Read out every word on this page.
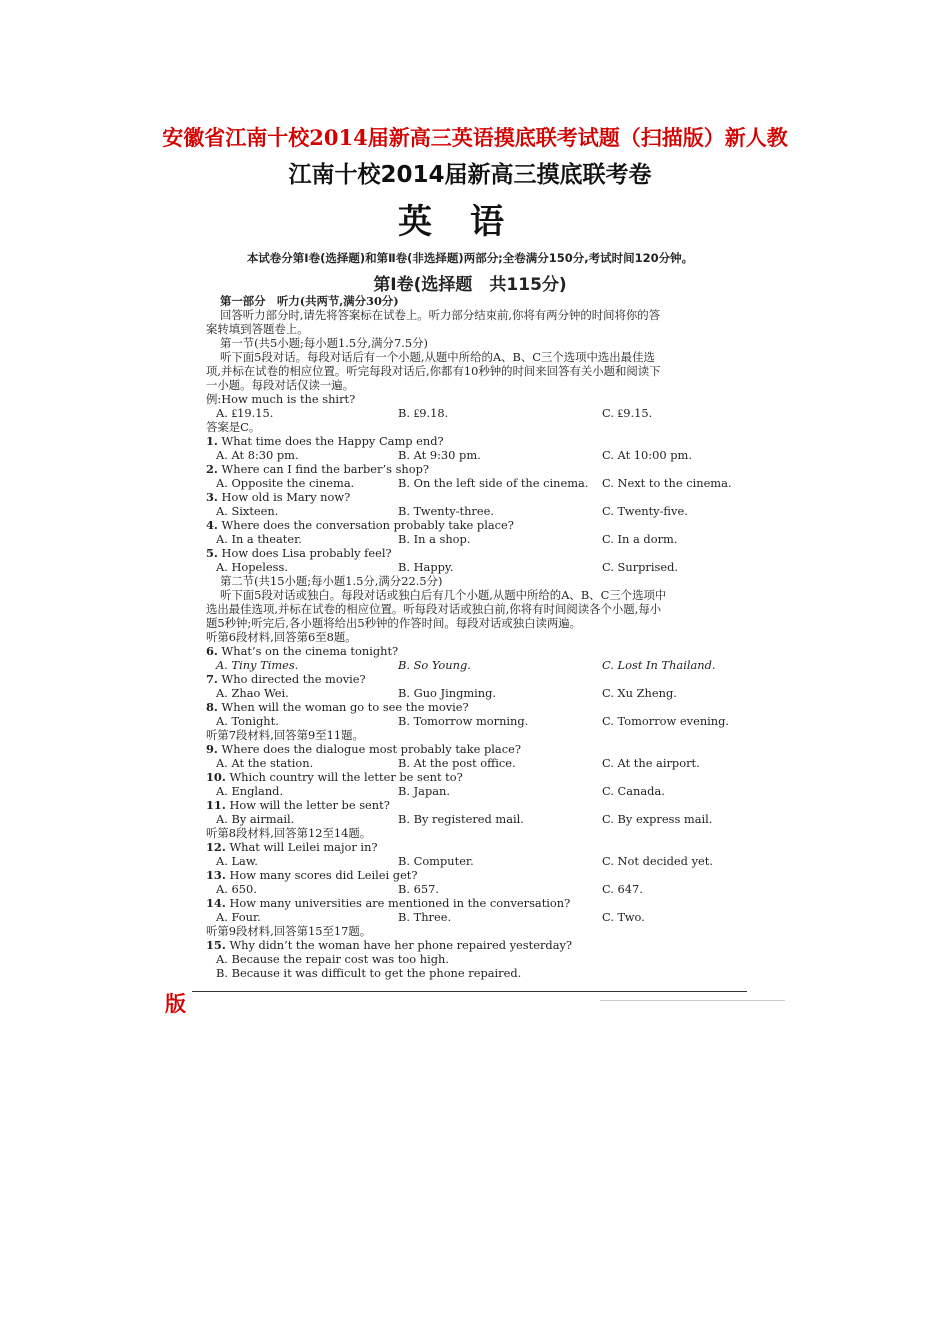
安徽省江南十校2014届新高三英语摸底联考试题（扫描版）新人教
江南十校2014届新高三摸底联考卷
英语
本试卷分第Ⅰ卷(选择题)和第Ⅱ卷(非选择题)两部分;全卷满分150分,考试时间120分钟。
第Ⅰ卷(选择题　共115分)
第一部分　听力(共两节,满分30分)
回答听力部分时,请先将答案标在试卷上。听力部分结束前,你将有两分钟的时间将你的答
案转填到答题卷上。
第一节(共5小题;每小题1.5分,满分7.5分)
听下面5段对话。每段对话后有一个小题,从题中所给的A、B、C三个选项中选出最佳选
项,并标在试卷的相应位置。听完每段对话后,你都有10秒钟的时间来回答有关小题和阅读下
一小题。每段对话仅读一遍。
例:How much is the shirt?
A. ₤19.15.	B. ₤9.18.	C. ₤9.15.
答案是C。
1. What time does the Happy Camp end?
A. At 8:30 pm.	B. At 9:30 pm.	C. At 10:00 pm.
2. Where can I find the barber’s shop?
A. Opposite the cinema.	B. On the left side of the cinema.	C. Next to the cinema.
3. How old is Mary now?
A. Sixteen.	B. Twenty-three.	C. Twenty-five.
4. Where does the conversation probably take place?
A. In a theater.	B. In a shop.	C. In a dorm.
5. How does Lisa probably feel?
A. Hopeless.	B. Happy.	C. Surprised.
第二节(共15小题;每小题1.5分,满分22.5分)
听下面5段对话或独白。每段对话或独白后有几个小题,从题中所给的A、B、C三个选项中
选出最佳选项,并标在试卷的相应位置。听每段对话或独白前,你将有时间阅读各个小题,每小
题5秒钟;听完后,各小题将给出5秒钟的作答时间。每段对话或独白读两遍。
听第6段材料,回答第6至8题。
6. What’s on the cinema tonight?
A. Tiny Times.	B. So Young.	C. Lost In Thailand.
7. Who directed the movie?
A. Zhao Wei.	B. Guo Jingming.	C. Xu Zheng.
8. When will the woman go to see the movie?
A. Tonight.	B. Tomorrow morning.	C. Tomorrow evening.
听第7段材料,回答第9至11题。
9. Where does the dialogue most probably take place?
A. At the station.	B. At the post office.	C. At the airport.
10. Which country will the letter be sent to?
A. England.	B. Japan.	C. Canada.
11. How will the letter be sent?
A. By airmail.	B. By registered mail.	C. By express mail.
听第8段材料,回答第12至14题。
12. What will Leilei major in?
A. Law.	B. Computer.	C. Not decided yet.
13. How many scores did Leilei get?
A. 650.	B. 657.	C. 647.
14. How many universities are mentioned in the conversation?
A. Four.	B. Three.	C. Two.
听第9段材料,回答第15至17题。
15. Why didn’t the woman have her phone repaired yesterday?
A. Because the repair cost was too high.
B. Because it was difficult to get the phone repaired.
版
